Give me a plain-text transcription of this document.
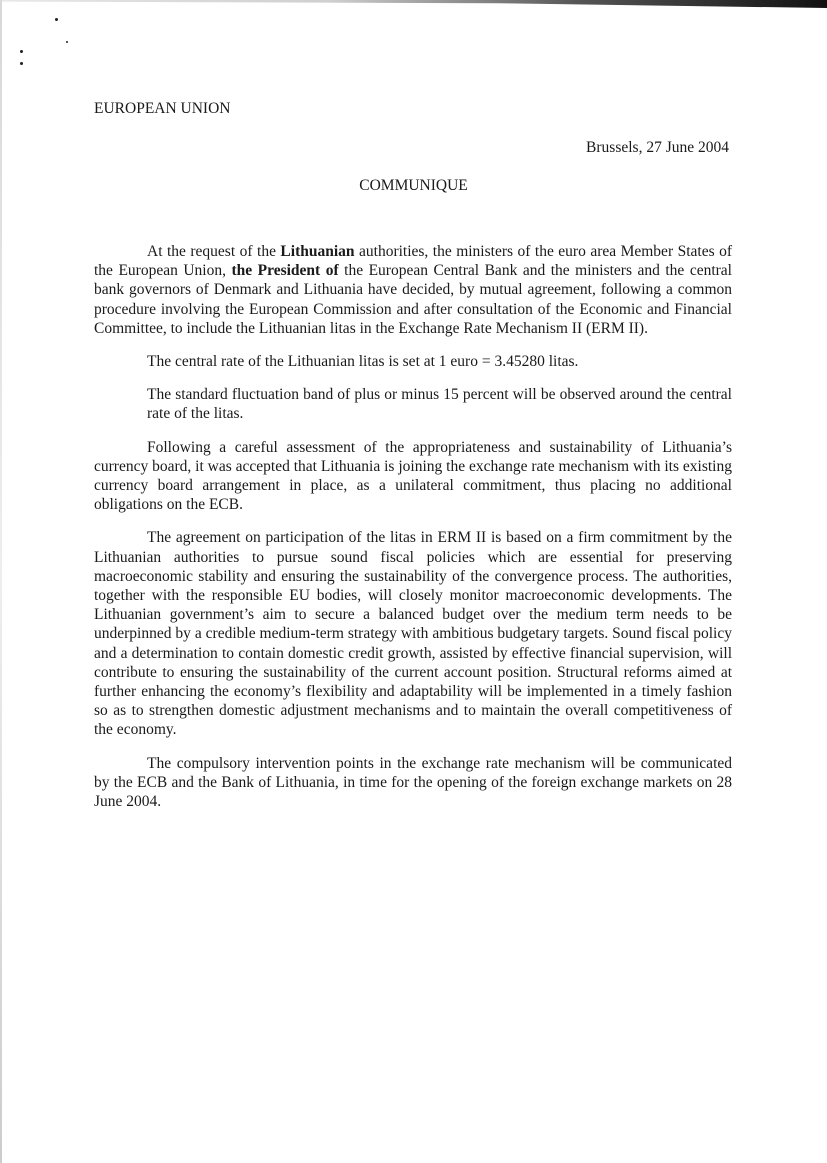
EUROPEAN UNION

Brussels, 27 June 2004

COMMUNIQUE

At the request of the Lithuanian authorities, the ministers of the euro area Member States of the European Union, the President of the European Central Bank and the ministers and the central bank governors of Denmark and Lithuania have decided, by mutual agreement, following a common procedure involving the European Commission and after consultation of the Economic and Financial Committee, to include the Lithuanian litas in the Exchange Rate Mechanism II (ERM II).

The central rate of the Lithuanian litas is set at 1 euro = 3.45280 litas.

The standard fluctuation band of plus or minus 15 percent will be observed around the central rate of the litas.

Following a careful assessment of the appropriateness and sustainability of Lithuania’s currency board, it was accepted that Lithuania is joining the exchange rate mechanism with its existing currency board arrangement in place, as a unilateral commitment, thus placing no additional obligations on the ECB.

The agreement on participation of the litas in ERM II is based on a firm commitment by the Lithuanian authorities to pursue sound fiscal policies which are essential for preserving macroeconomic stability and ensuring the sustainability of the convergence process. The authorities, together with the responsible EU bodies, will closely monitor macroeconomic developments. The Lithuanian government’s aim to secure a balanced budget over the medium term needs to be underpinned by a credible medium-term strategy with ambitious budgetary targets. Sound fiscal policy and a determination to contain domestic credit growth, assisted by effective financial supervision, will contribute to ensuring the sustainability of the current account position. Structural reforms aimed at further enhancing the economy’s flexibility and adaptability will be implemented in a timely fashion so as to strengthen domestic adjustment mechanisms and to maintain the overall competitiveness of the economy.

The compulsory intervention points in the exchange rate mechanism will be communicated by the ECB and the Bank of Lithuania, in time for the opening of the foreign exchange markets on 28 June 2004.
